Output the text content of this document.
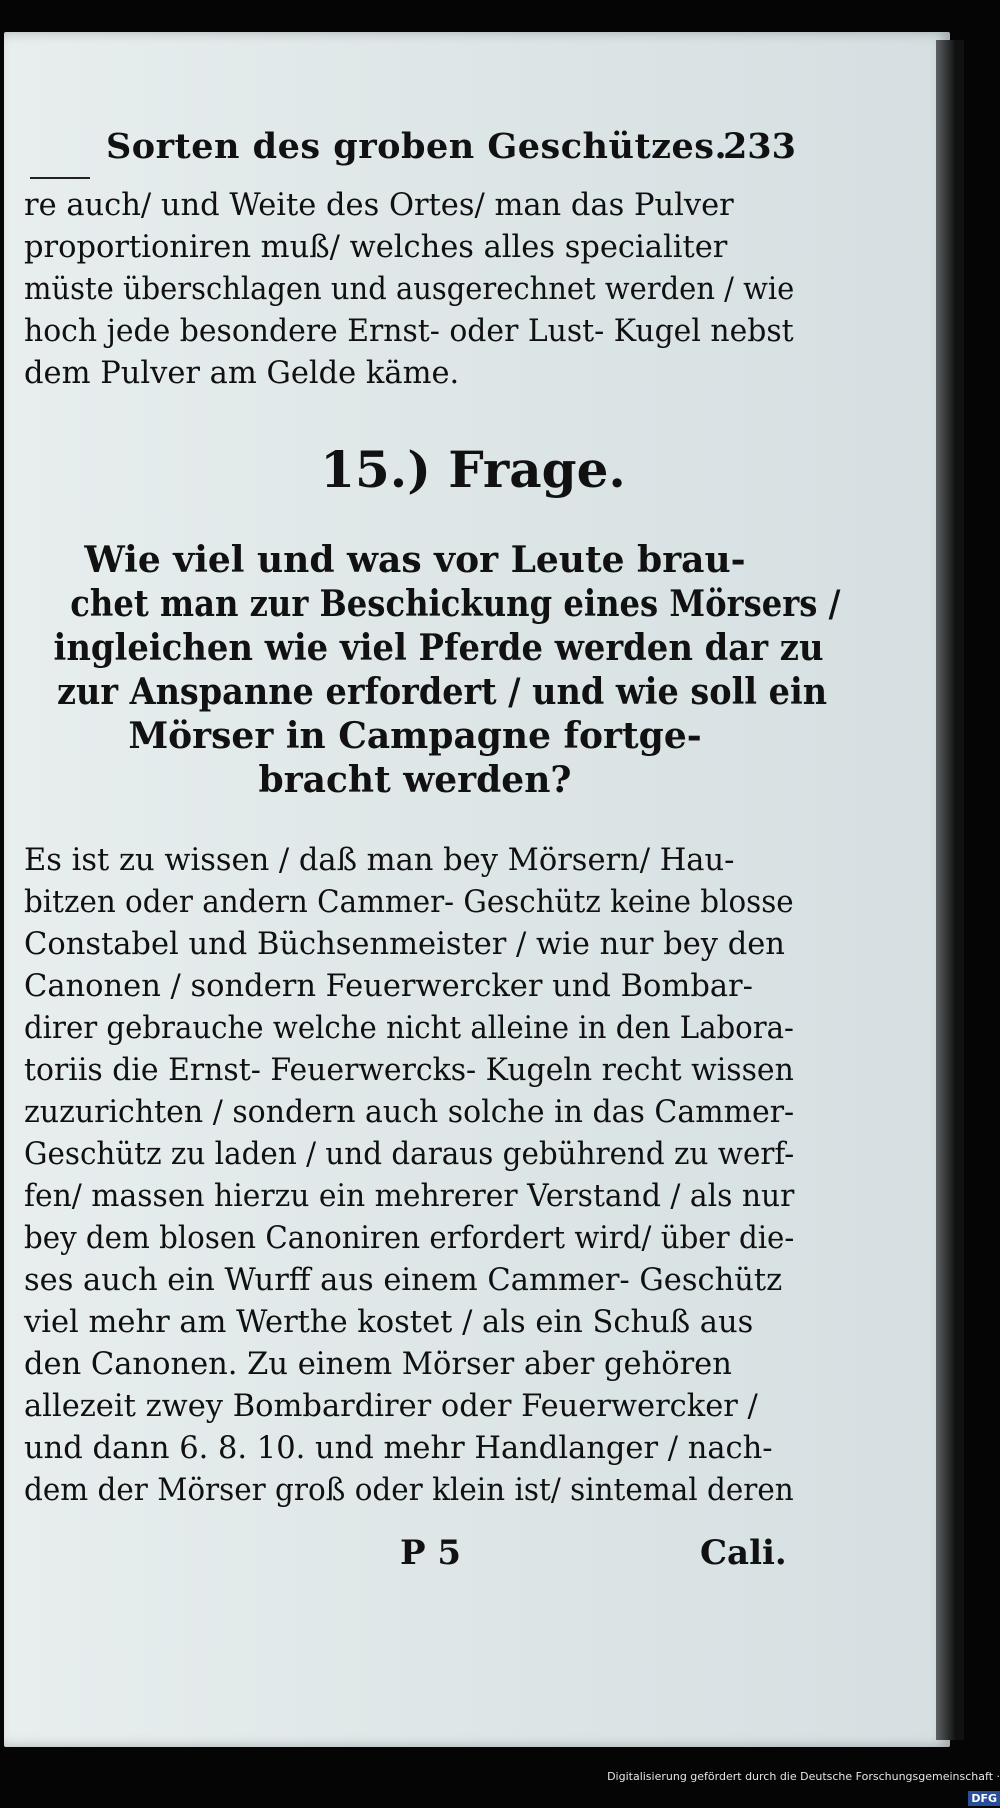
Sorten des groben Geschützes.
233
re auch/ und Weite des Ortes/ man das Pulver
proportioniren muß/ welches alles specialiter
müste überschlagen und ausgerechnet werden / wie
hoch jede besondere Ernst- oder Lust- Kugel nebst
dem Pulver am Gelde käme.
15.) Frage.
Wie viel und was vor Leute brau-
chet man zur Beschickung eines Mörsers /
ingleichen wie viel Pferde werden dar zu
zur Anspanne erfordert / und wie soll ein
Mörser in Campagne fortge-
bracht werden?
Es ist zu wissen / daß man bey Mörsern/ Hau-
bitzen oder andern Cammer- Geschütz keine blosse
Constabel und Büchsenmeister / wie nur bey den
Canonen / sondern Feuerwercker und Bombar-
direr gebrauche welche nicht alleine in den Labora-
toriis die Ernst- Feuerwercks- Kugeln recht wissen
zuzurichten / sondern auch solche in das Cammer-
Geschütz zu laden / und daraus gebührend zu werf-
fen/ massen hierzu ein mehrerer Verstand / als nur
bey dem blosen Canoniren erfordert wird/ über die-
ses auch ein Wurff aus einem Cammer- Geschütz
viel mehr am Werthe kostet / als ein Schuß aus
den Canonen. Zu einem Mörser aber gehören
allezeit zwey Bombardirer oder Feuerwercker /
und dann 6. 8. 10. und mehr Handlanger / nach-
dem der Mörser groß oder klein ist/ sintemal deren
P 5	Cali.
Digitalisierung gefördert durch die Deutsche Forschungsgemeinschaft ·DFG
